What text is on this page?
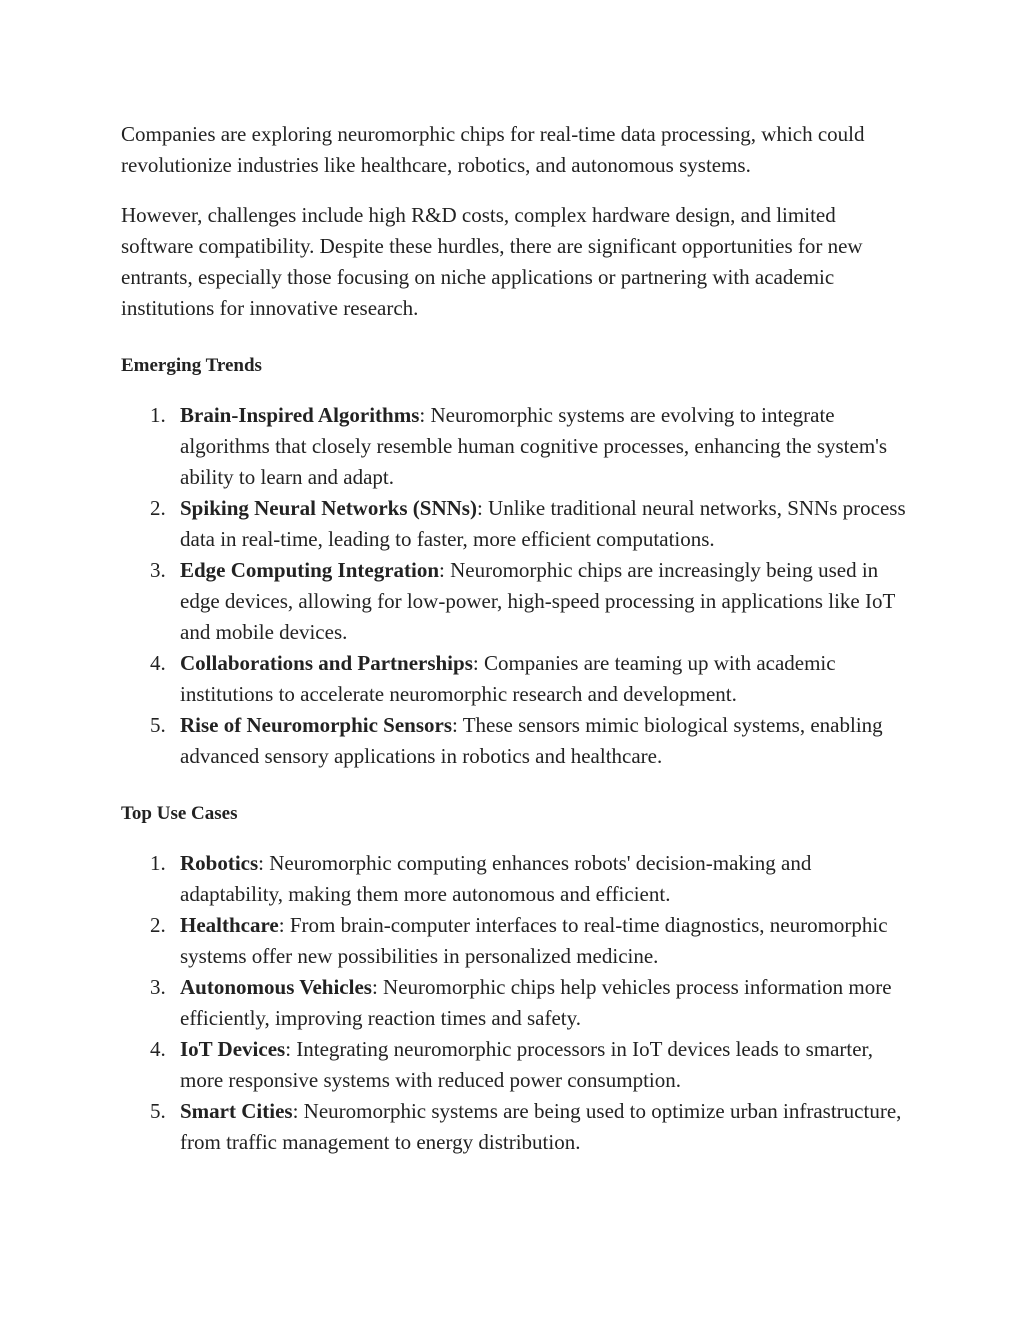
Companies are exploring neuromorphic chips for real-time data processing, which could revolutionize industries like healthcare, robotics, and autonomous systems.

However, challenges include high R&D costs, complex hardware design, and limited software compatibility. Despite these hurdles, there are significant opportunities for new entrants, especially those focusing on niche applications or partnering with academic institutions for innovative research.

Emerging Trends
1. Brain-Inspired Algorithms: Neuromorphic systems are evolving to integrate algorithms that closely resemble human cognitive processes, enhancing the system's ability to learn and adapt.
2. Spiking Neural Networks (SNNs): Unlike traditional neural networks, SNNs process data in real-time, leading to faster, more efficient computations.
3. Edge Computing Integration: Neuromorphic chips are increasingly being used in edge devices, allowing for low-power, high-speed processing in applications like IoT and mobile devices.
4. Collaborations and Partnerships: Companies are teaming up with academic institutions to accelerate neuromorphic research and development.
5. Rise of Neuromorphic Sensors: These sensors mimic biological systems, enabling advanced sensory applications in robotics and healthcare.
Top Use Cases
1. Robotics: Neuromorphic computing enhances robots' decision-making and adaptability, making them more autonomous and efficient.
2. Healthcare: From brain-computer interfaces to real-time diagnostics, neuromorphic systems offer new possibilities in personalized medicine.
3. Autonomous Vehicles: Neuromorphic chips help vehicles process information more efficiently, improving reaction times and safety.
4. IoT Devices: Integrating neuromorphic processors in IoT devices leads to smarter, more responsive systems with reduced power consumption.
5. Smart Cities: Neuromorphic systems are being used to optimize urban infrastructure, from traffic management to energy distribution.
